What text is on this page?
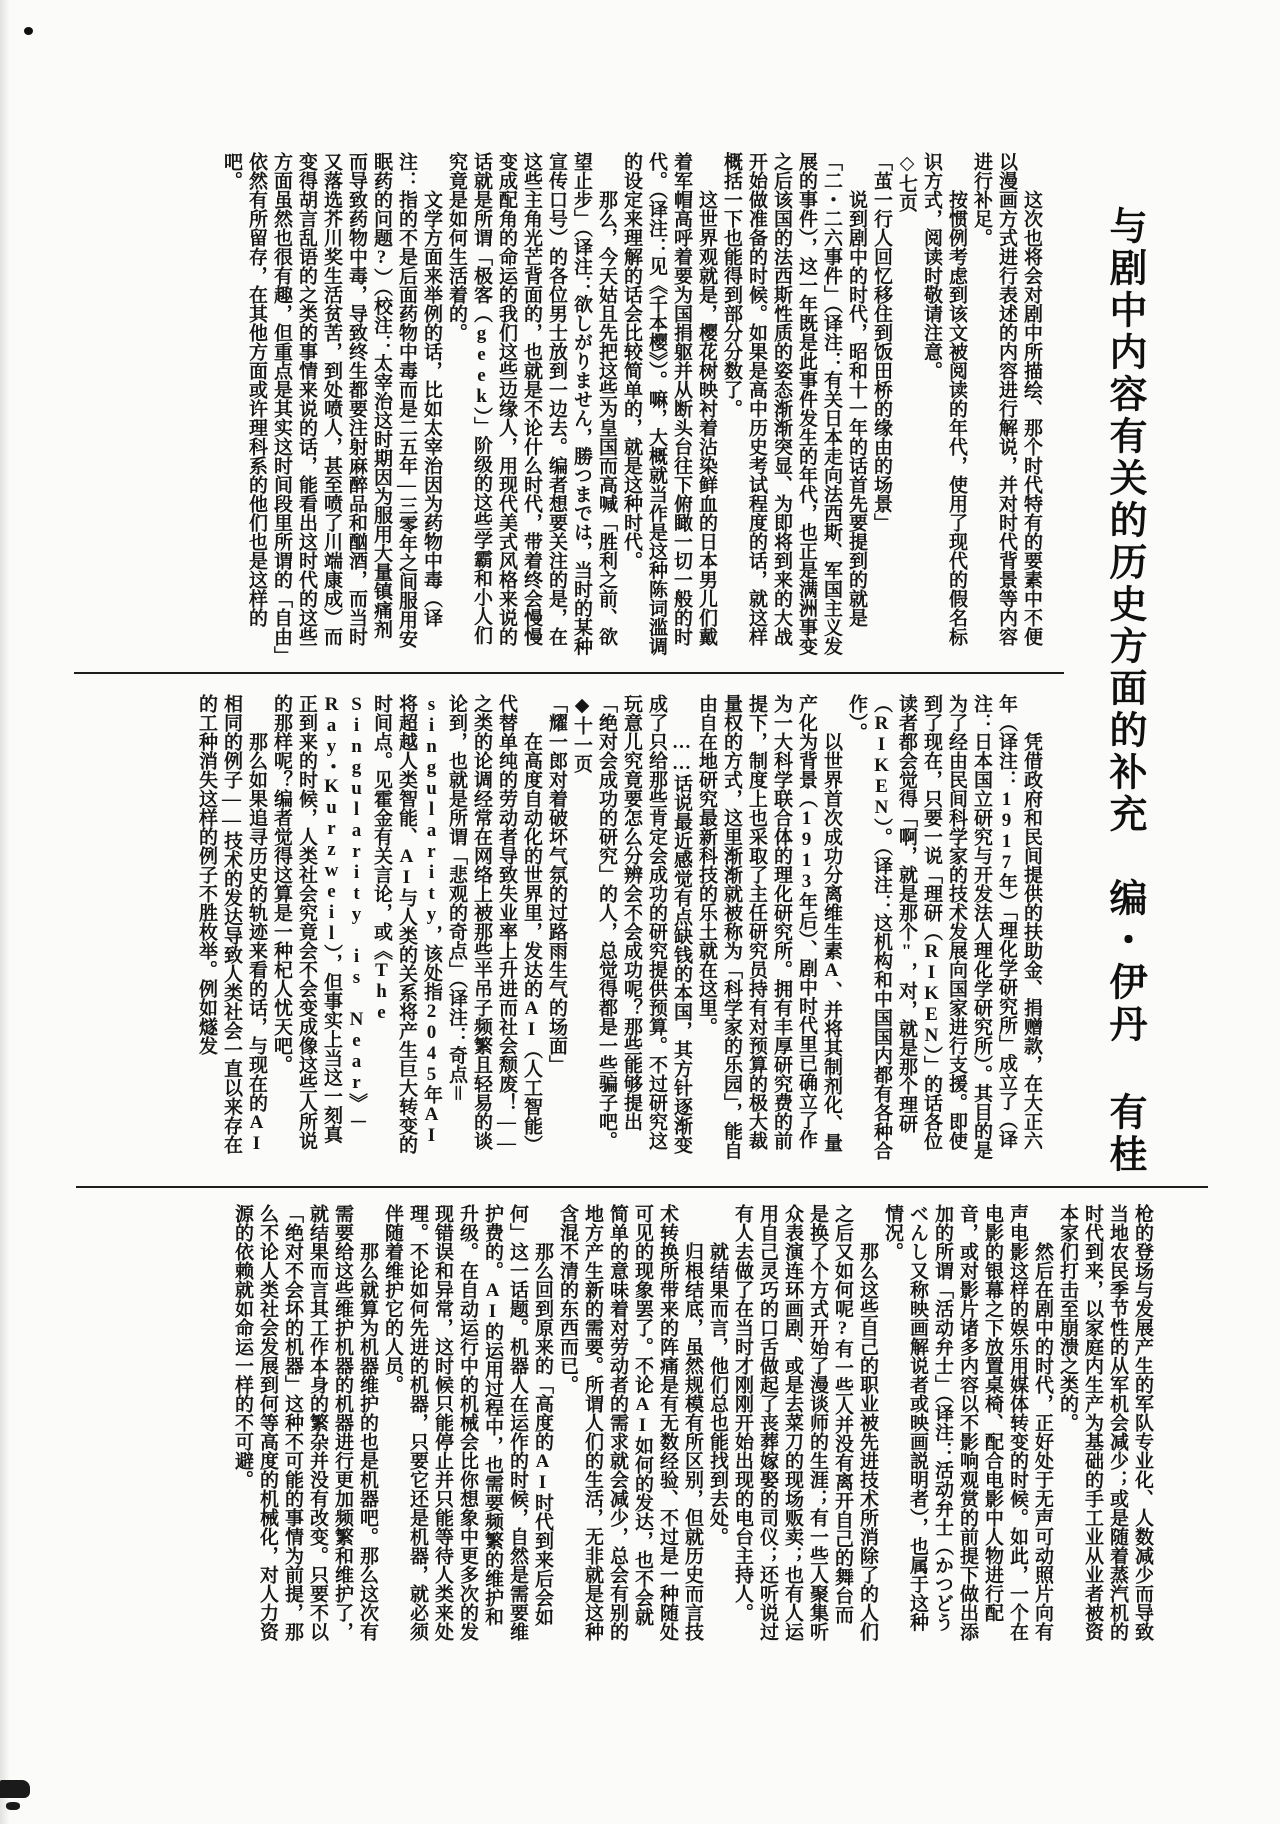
与剧中内容有关的历史方面的补充编・伊丹 有桂

这次也将会对剧中所描绘、那个时代特有的要素中不便以漫画方式进行表述的内容进行解说，并对时代背景等内容进行补足。

按惯例考虑到该文被阅读的年代，使用了现代的假名标识方式，阅读时敬请注意。

◇七页
「茧一行人回忆移住到饭田桥的缘由的场景」

说到剧中的时代，昭和十一年的话首先要提到的就是「二・二六事件」（译注：有关日本走向法西斯、军国主义发展的事件），这一年既是此事件发生的年代，也正是满洲事变之后该国的法西斯性质的姿态渐渐突显、为即将到来的大战开始做准备的时候。如果是高中历史考试程度的话，就这样概括一下也能得到部分分数了。

这世界观就是，樱花树映衬着沾染鲜血的日本男儿们戴着军帽高呼着要为国捐躯并从断头台往下俯瞰一切一般的时代。（译注：见《千本樱》）。嘛，大概就当作是这种陈词滥调的设定来理解的话会比较简单的，就是这种时代。

那么，今天姑且先把这些为皇国而高喊「胜利之前、欲望止步」（译注：欲しがりません，勝つまでは，当时的某种宣传口号）的各位男士放到一边去。编者想要关注的是，在这些主角光芒背面的，也就是不论什么时代，带着终会慢慢变成配角的命运的我们这些边缘人，用现代美式风格来说的话就是所谓「极客（geek）」阶级的这些学霸和小人们究竟是如何生活着的。

文学方面来举例的话，比如太宰治因为药物中毒（译注：指的不是后面药物中毒而是二五年—三零年之间服用安眠药的问题?）（校注：太宰治这时期因为服用大量镇痛剂而导致药物中毒，导致终生都要注射麻醉品和酗酒，而当时又落选芥川奖生活贫苦，到处喷人，甚至喷了川端康成）而变得胡言乱语的之类的事情来说的话，能看出这时代的这些方面虽然也很有趣，但重点是其实这时间段里所谓的「自由」依然有所留存，在其他方面或许理科系的他们也是这样的吧。

凭借政府和民间提供的扶助金、捐赠款，在大正六年（译注：1917年）「理化学研究所」成立了（译注：日本国立研究与开发法人理化学研究所）。其目的是为了经由民间科学家的技术发展向国家进行支援。即使到了现在，只要一说「理研（RIKEN）」的话各位读者都会觉得「啊，就是那个"，对，就是那个理研（RIKEN）。（译注：这机构和中国国内都有各种合作）。

以世界首次成功分离维生素A、并将其制剂化、量产化为背景（1913年后）、剧中时代里已确立了作为一大科学联合体的理化研究所。拥有丰厚研究费的前提下，制度上也采取了主任研究员持有对预算的极大裁量权的方式，这里渐渐就被称为「科学家的乐园」，能自由自在地研究最新科技的乐土就在这里。

……话说最近感觉有点缺钱的本国，其方针逐渐变成了只给那些肯定会成功的研究提供预算。不过研究这玩意儿究竟要怎么分辨会不会成功呢？那些能够提出「绝对会成功的研究」的人，总觉得都是一些骗子吧。

◆十一页
「耀一郎对着破坏气氛的过路雨生气的场面」

在高度自动化的世界里，发达的AI（人工智能）代替单纯的劳动者导致失业率上升进而社会颓废！——之类的论调经常在网络上被那些半吊子频繁且轻易的谈论到，也就是所谓「悲观的奇点」（译注：奇点＝singularity，该处指2045年AI将超越人类智能、AI与人类的关系将产生巨大转变的时间点。见霍金有关言论，或《The Singularity is Near》－Ray・Kurzweil），但事实上当这一刻真正到来的时候，人类社会究竟会不会变成像这些人所说的那样呢？编者觉得这算是一种杞人忧天吧。

那么如果追寻历史的轨迹来看的话，与现在的AI相同的例子——技术的发达导致人类社会一直以来存在的工种消失这样的例子不胜枚举。例如燧发

枪的登场与发展产生的军队专业化、人数减少而导致当地农民季节性的从军机会减少；或是随着蒸汽机的时代到来，以家庭内生产为基础的手工业从业者被资本家们打击至崩溃之类的。

然后在剧中的时代，正好处于无声可动照片向有声电影这样的娱乐用媒体转变的时候。如此，一个在电影的银幕之下放置桌椅、配合电影中人物进行配音，或对影片诸多内容以不影响观赏的前提下做出添加的所谓「活动弁士」（译注：活动弁士（かつどうべんし又称映画解说者或映画説明者），也属于这种情况。

那么这些自己的职业被先进技术所消除了的人们之后又如何呢?有一些人并没有离开自己的舞台而是换了个方式开始了漫谈师的生涯；有一些人聚集听众表演连环画剧、或是去菜刀的现场贩卖；也有人运用自己灵巧的口舌做起了丧葬嫁娶的司仪；还听说过有人去做了在当时才刚刚开始出现的电台主持人。

就结果而言，他们总也能找到去处。

归根结底，虽然规模有所区别，但就历史而言技术转换所带来的阵痛是有无数经验、不过是一种随处可见的现象罢了。不论AI如何的发达，也不会就简单的意味着对劳动者的需求就会减少，总会有别的地方产生新的需要。所谓人们的生活，无非就是这种含混不清的东西而已。

那么回到原来的「高度的AI时代到来后会如何」这一话题。机器人在运作的时候，自然是需要维护费的。AI的运用过程中，也需要频繁的维护和升级。在自动运行中的机械会比你想象中更多次的发现错误和异常，这时候只能停止并只能等待人类来处理。不论如何先进的机器，只要它还是机器，就必须伴随着维护它的人员。

那么就算为机器维护的也是机器吧。那么这次有需要给这些维护机器的机器进行更加频繁和维护了，就结果而言其工作本身的繁杂并没有改变。只要不以「绝对不会坏的机器」这种不可能的事情为前提，那么不论人类社会发展到何等高度的机械化，对人力资源的依赖就如命运一样的不可避。
